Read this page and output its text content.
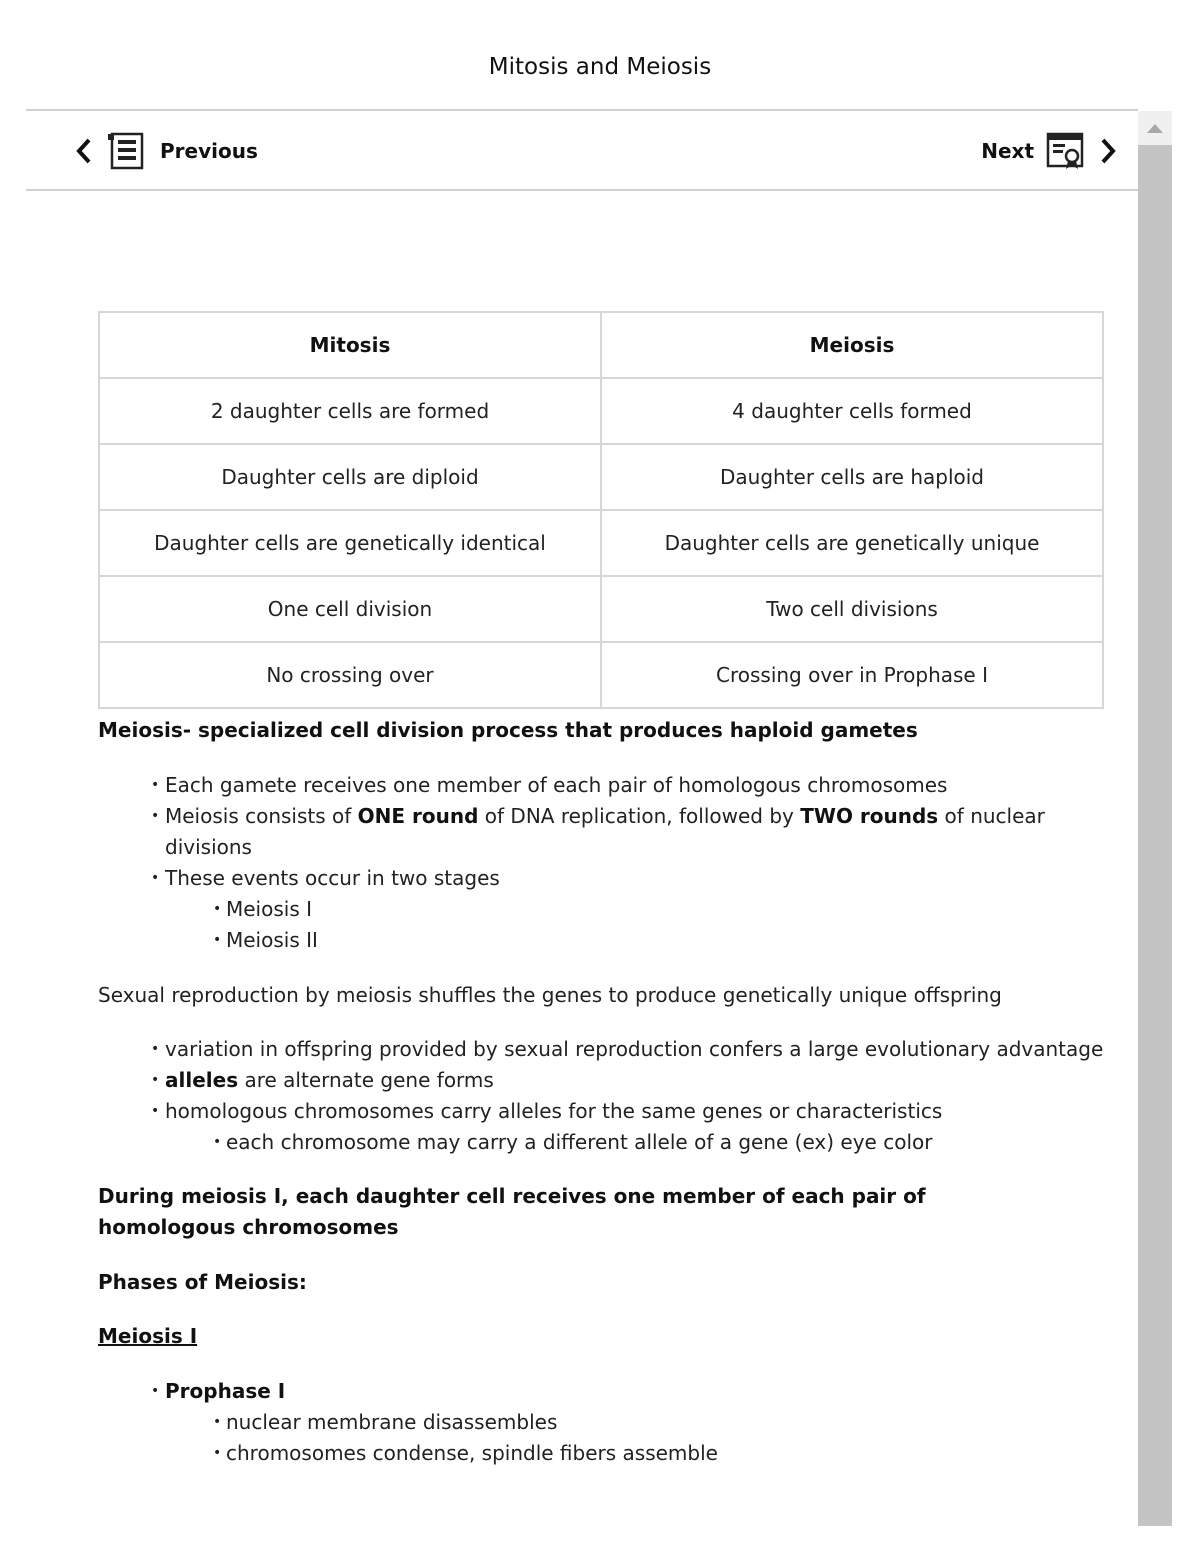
Mitosis and Meiosis
Previous	Next
Mitosis	Meiosis
2 daughter cells are formed	4 daughter cells formed
Daughter cells are diploid	Daughter cells are haploid
Daughter cells are genetically identical	Daughter cells are genetically unique
One cell division	Two cell divisions
No crossing over	Crossing over in Prophase I

Meiosis- specialized cell division process that produces haploid gametes

• Each gamete receives one member of each pair of homologous chromosomes
• Meiosis consists of ONE round of DNA replication, followed by TWO rounds of nuclear divisions
• These events occur in two stages
• Meiosis I
• Meiosis II

Sexual reproduction by meiosis shuffles the genes to produce genetically unique offspring

• variation in offspring provided by sexual reproduction confers a large evolutionary advantage
• alleles are alternate gene forms
• homologous chromosomes carry alleles for the same genes or characteristics
• each chromosome may carry a different allele of a gene (ex) eye color

During meiosis I, each daughter cell receives one member of each pair of homologous chromosomes

Phases of Meiosis:

Meiosis I

• Prophase I
• nuclear membrane disassembles
• chromosomes condense, spindle fibers assemble
